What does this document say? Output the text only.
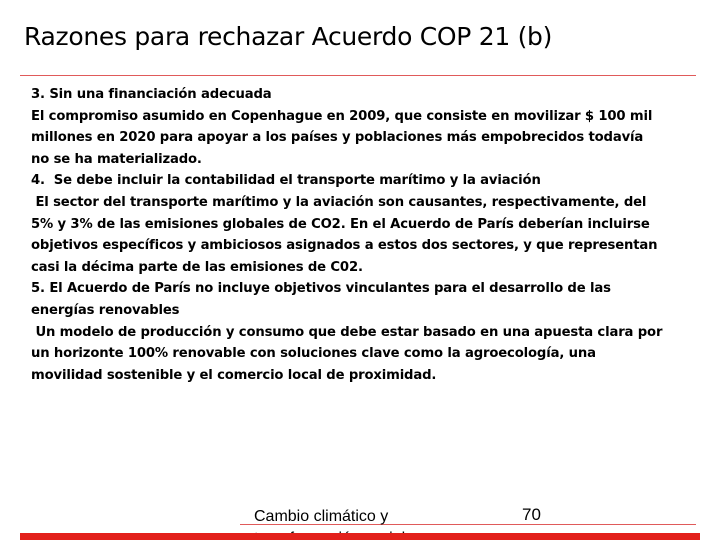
Razones para rechazar Acuerdo COP 21 (b)
3. Sin una financiación adecuada
El compromiso asumido en Copenhague en 2009, que consiste en movilizar $ 100 mil
millones en 2020 para apoyar a los países y poblaciones más empobrecidos todavía
no se ha materializado.
4.  Se debe incluir la contabilidad el transporte marítimo y la aviación
El sector del transporte marítimo y la aviación son causantes, respectivamente, del
5% y 3% de las emisiones globales de CO2. En el Acuerdo de París deberían incluirse
objetivos específicos y ambiciosos asignados a estos dos sectores, y que representan
casi la décima parte de las emisiones de C02.
5. El Acuerdo de París no incluye objetivos vinculantes para el desarrollo de las
energías renovables
Un modelo de producción y consumo que debe estar basado en una apuesta clara por
un horizonte 100% renovable con soluciones clave como la agroecología, una
movilidad sostenible y el comercio local de proximidad.
Cambio climático y	70
